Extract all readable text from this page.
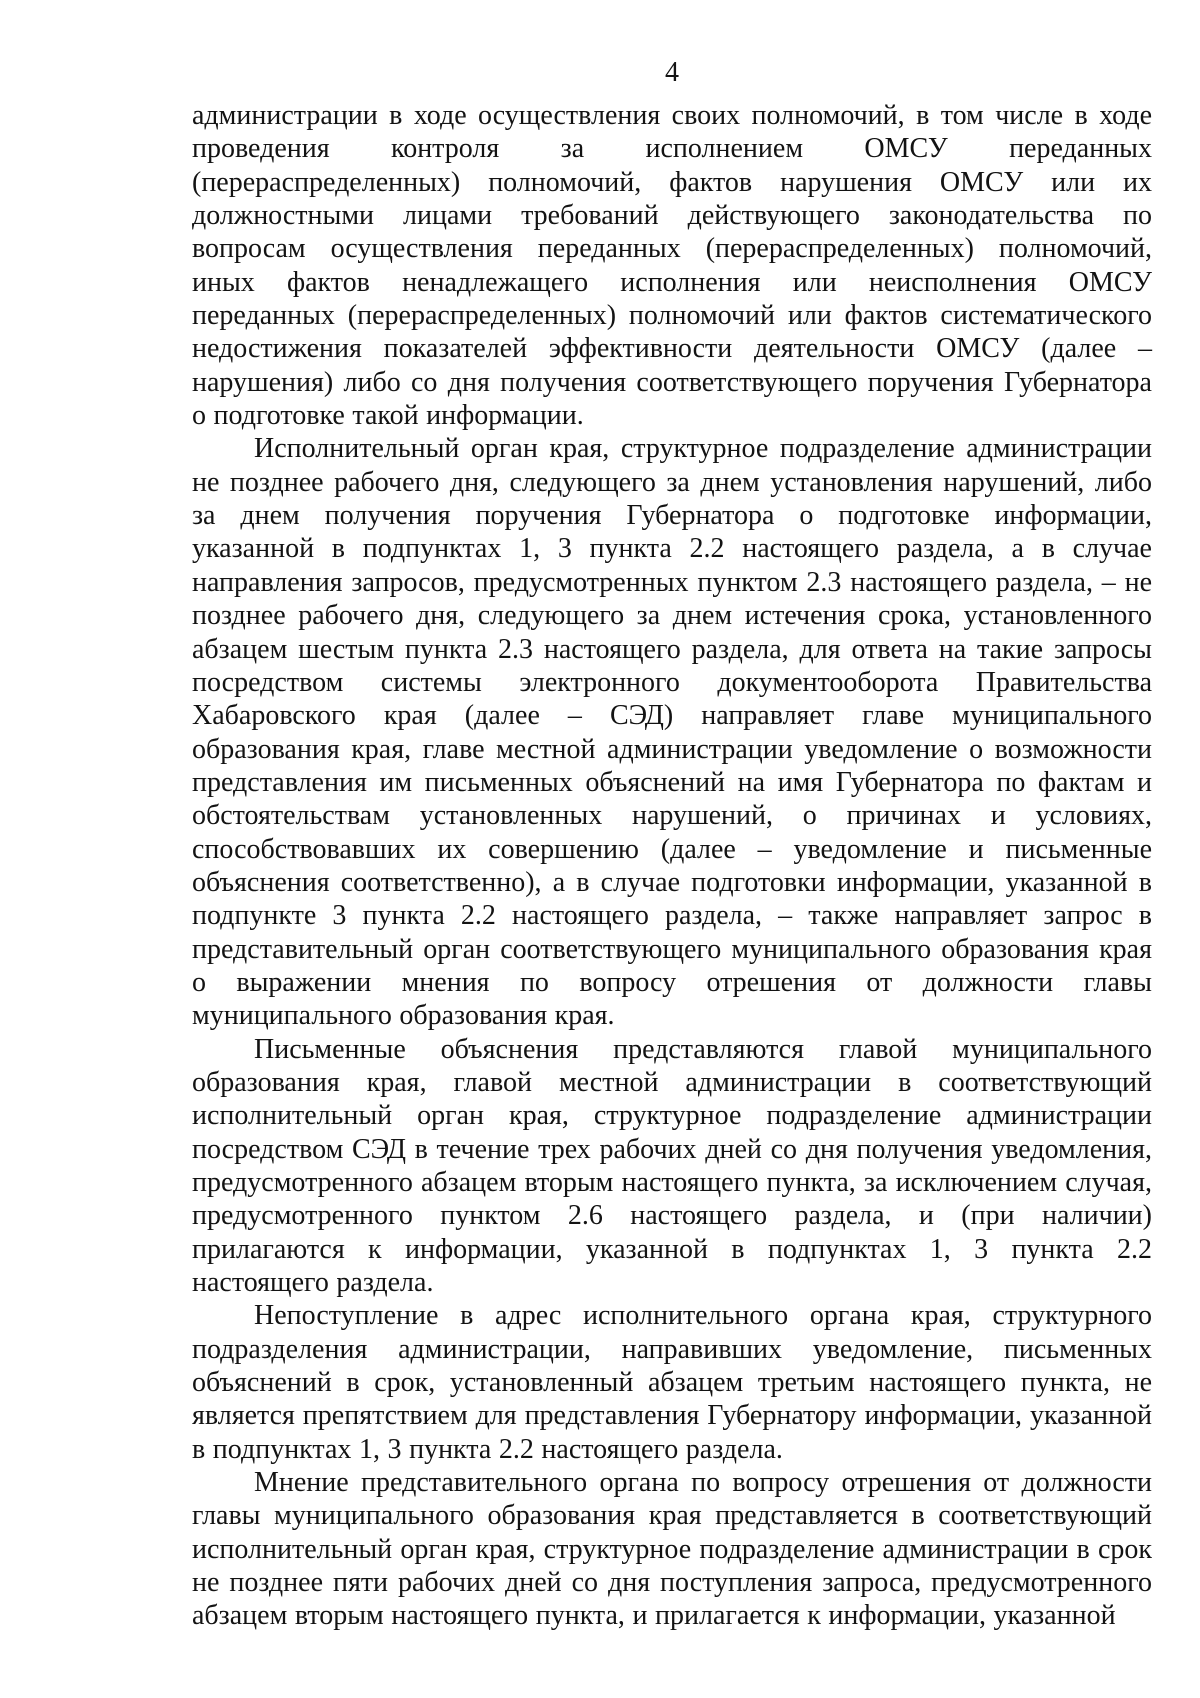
4

администрации в ходе осуществления своих полномочий, в том числе в ходе проведения контроля за исполнением ОМСУ переданных (перераспределенных) полномочий, фактов нарушения ОМСУ или их должностными лицами требований действующего законодательства по вопросам осуществления переданных (перераспределенных) полномочий, иных фактов ненадлежащего исполнения или неисполнения ОМСУ переданных (перераспределенных) полномочий или фактов систематического недостижения показателей эффективности деятельности ОМСУ (далее – нарушения) либо со дня получения соответствующего поручения Губернатора о подготовке такой информации.

Исполнительный орган края, структурное подразделение администрации не позднее рабочего дня, следующего за днем установления нарушений, либо за днем получения поручения Губернатора о подготовке информации, указанной в подпунктах 1, 3 пункта 2.2 настоящего раздела, а в случае направления запросов, предусмотренных пунктом 2.3 настоящего раздела, – не позднее рабочего дня, следующего за днем истечения срока, установленного абзацем шестым пункта 2.3 настоящего раздела, для ответа на такие запросы посредством системы электронного документооборота Правительства Хабаровского края (далее – СЭД) направляет главе муниципального образования края, главе местной администрации уведомление о возможности представления им письменных объяснений на имя Губернатора по фактам и обстоятельствам установленных нарушений, о причинах и условиях, способствовавших их совершению (далее – уведомление и письменные объяснения соответственно), а в случае подготовки информации, указанной в подпункте 3 пункта 2.2 настоящего раздела, – также направляет запрос в представительный орган соответствующего муниципального образования края о выражении мнения по вопросу отрешения от должности главы муниципального образования края.

Письменные объяснения представляются главой муниципального образования края, главой местной администрации в соответствующий исполнительный орган края, структурное подразделение администрации посредством СЭД в течение трех рабочих дней со дня получения уведомления, предусмотренного абзацем вторым настоящего пункта, за исключением случая, предусмотренного пунктом 2.6 настоящего раздела, и (при наличии) прилагаются к информации, указанной в подпунктах 1, 3 пункта 2.2 настоящего раздела.

Непоступление в адрес исполнительного органа края, структурного подразделения администрации, направивших уведомление, письменных объяснений в срок, установленный абзацем третьим настоящего пункта, не является препятствием для представления Губернатору информации, указанной в подпунктах 1, 3 пункта 2.2 настоящего раздела.

Мнение представительного органа по вопросу отрешения от должности главы муниципального образования края представляется в соответствующий исполнительный орган края, структурное подразделение администрации в срок не позднее пяти рабочих дней со дня поступления запроса, предусмотренного абзацем вторым настоящего пункта, и прилагается к информации, указанной
